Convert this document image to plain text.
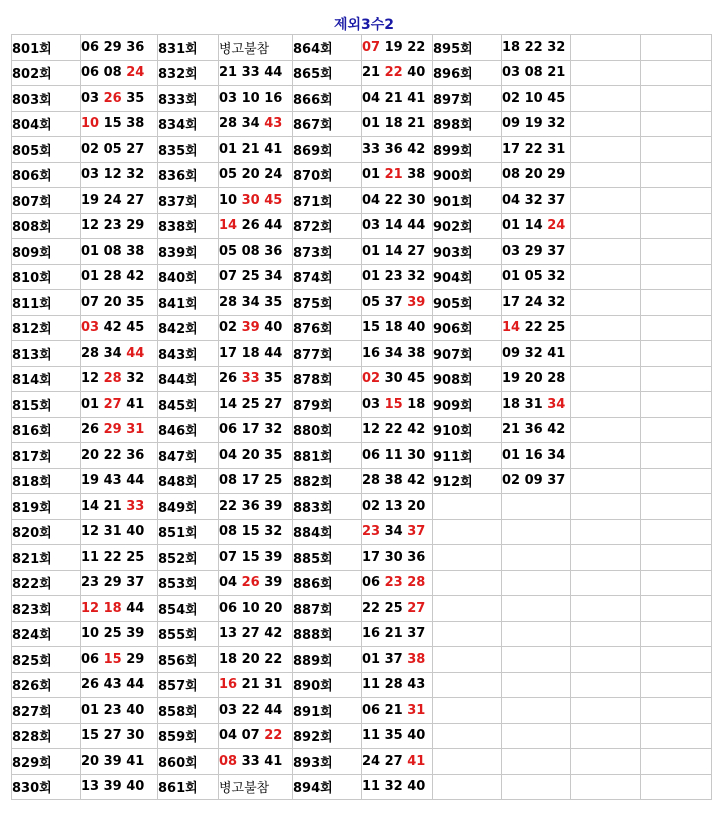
제외3수2
801회	06 29 36	831회	병고불참	864회	07 19 22	895회	18 22 32		
802회	06 08 24	832회	21 33 44	865회	21 22 40	896회	03 08 21		
803회	03 26 35	833회	03 10 16	866회	04 21 41	897회	02 10 45		
804회	10 15 38	834회	28 34 43	867회	01 18 21	898회	09 19 32		
805회	02 05 27	835회	01 21 41	869회	33 36 42	899회	17 22 31		
806회	03 12 32	836회	05 20 24	870회	01 21 38	900회	08 20 29		
807회	19 24 27	837회	10 30 45	871회	04 22 30	901회	04 32 37		
808회	12 23 29	838회	14 26 44	872회	03 14 44	902회	01 14 24		
809회	01 08 38	839회	05 08 36	873회	01 14 27	903회	03 29 37		
810회	01 28 42	840회	07 25 34	874회	01 23 32	904회	01 05 32		
811회	07 20 35	841회	28 34 35	875회	05 37 39	905회	17 24 32		
812회	03 42 45	842회	02 39 40	876회	15 18 40	906회	14 22 25		
813회	28 34 44	843회	17 18 44	877회	16 34 38	907회	09 32 41		
814회	12 28 32	844회	26 33 35	878회	02 30 45	908회	19 20 28		
815회	01 27 41	845회	14 25 27	879회	03 15 18	909회	18 31 34		
816회	26 29 31	846회	06 17 32	880회	12 22 42	910회	21 36 42		
817회	20 22 36	847회	04 20 35	881회	06 11 30	911회	01 16 34		
818회	19 43 44	848회	08 17 25	882회	28 38 42	912회	02 09 37		
819회	14 21 33	849회	22 36 39	883회	02 13 20				
820회	12 31 40	851회	08 15 32	884회	23 34 37				
821회	11 22 25	852회	07 15 39	885회	17 30 36				
822회	23 29 37	853회	04 26 39	886회	06 23 28				
823회	12 18 44	854회	06 10 20	887회	22 25 27				
824회	10 25 39	855회	13 27 42	888회	16 21 37				
825회	06 15 29	856회	18 20 22	889회	01 37 38				
826회	26 43 44	857회	16 21 31	890회	11 28 43				
827회	01 23 40	858회	03 22 44	891회	06 21 31				
828회	15 27 30	859회	04 07 22	892회	11 35 40				
829회	20 39 41	860회	08 33 41	893회	24 27 41				
830회	13 39 40	861회	병고불참	894회	11 32 40				
